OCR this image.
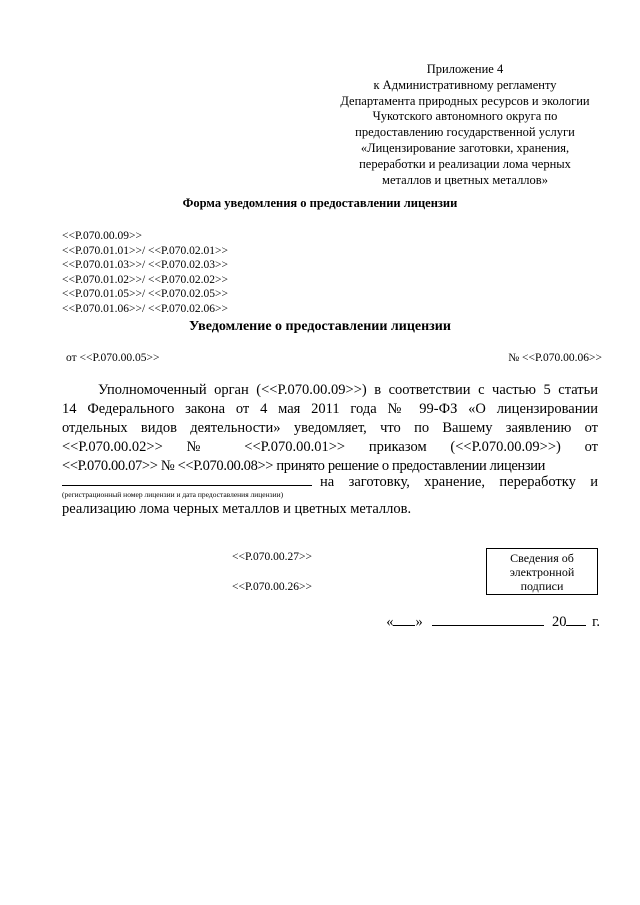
Приложение 4
к Административному регламенту
Департамента природных ресурсов и экологии
Чукотского автономного округа по
предоставлению государственной услуги
«Лицензирование заготовки, хранения,
переработки и реализации лома черных
металлов и цветных металлов»
Форма уведомления о предоставлении лицензии
<<P.070.00.09>>
<<P.070.01.01>>/ <<P.070.02.01>>
<<P.070.01.03>>/ <<P.070.02.03>>
<<P.070.01.02>>/ <<P.070.02.02>>
<<P.070.01.05>>/ <<P.070.02.05>>
<<P.070.01.06>>/ <<P.070.02.06>>
Уведомление о предоставлении лицензии
от <<P.070.00.05>>	№ <<P.070.00.06>>
Уполномоченный орган (<<P.070.00.09>>) в соответствии с частью 5 статьи
14 Федерального закона от 4 мая 2011 года № 99-ФЗ «О лицензировании
отдельных видов деятельности» уведомляет, что по Вашему заявлению от
<<P.070.00.02>> № <<P.070.00.01>> приказом (<<P.070.00.09>>) от
<<P.070.00.07>> № <<P.070.00.08>> принято решение о предоставлении лицензии
на заготовку, хранение, переработку и
реализацию лома черных металлов и цветных металлов.
(регистрационный номер лицензии и дата предоставления лицензии)
<<P.070.00.27>>
<<P.070.00.26>>
Сведения об
электронной
подписи
« »	20 г.
